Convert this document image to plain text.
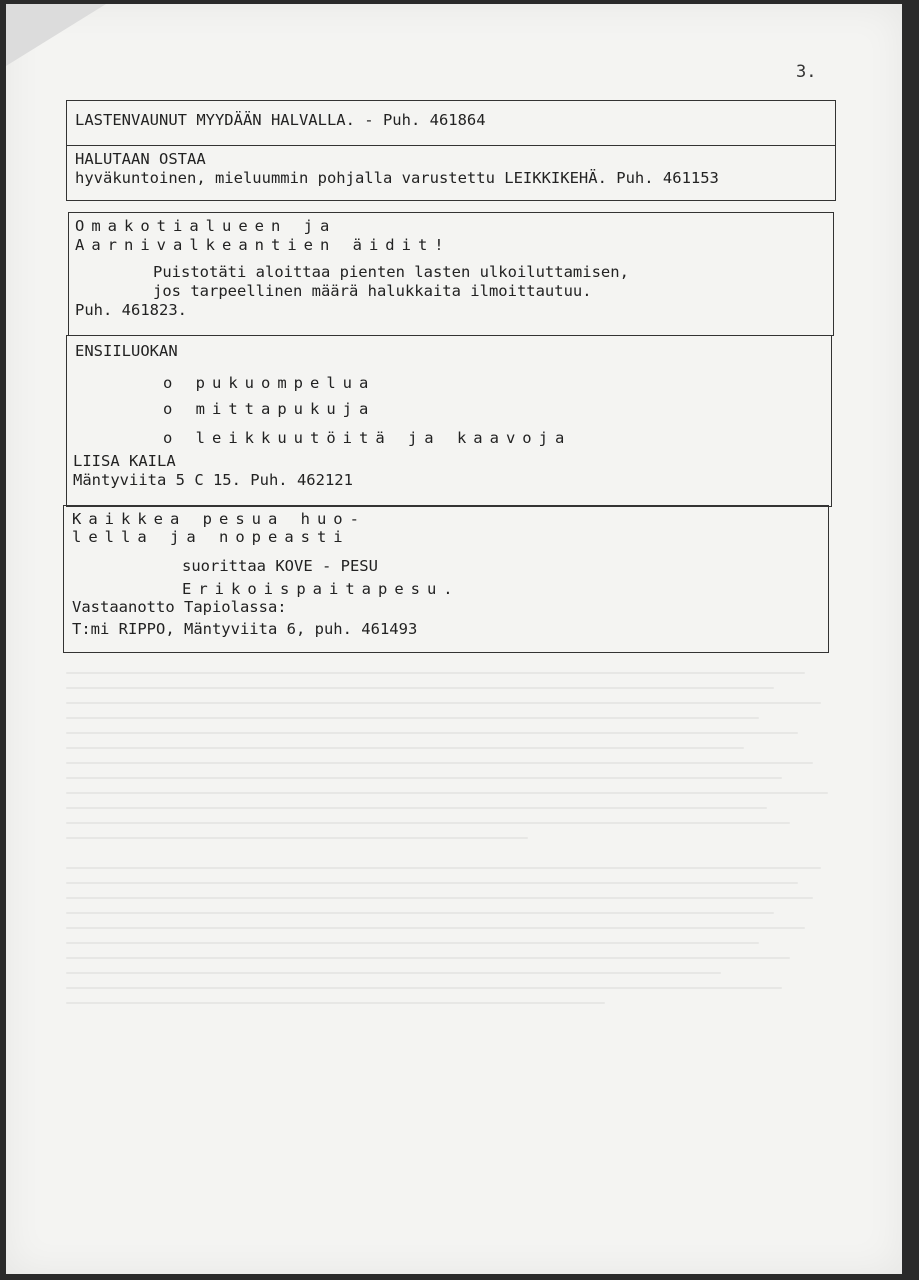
3.
LASTENVAUNUT MYYDÄÄN HALVALLA. - Puh. 461864
HALUTAAN OSTAA
hyväkuntoinen, mieluummin pohjalla varustettu LEIKKIKEHÄ. Puh. 461153
Omakotialueen ja
Aarnivalkeantien äidit!
Puistotäti aloittaa pienten lasten ulkoiluttamisen,
jos tarpeellinen määrä halukkaita ilmoittautuu.
Puh. 461823.
ENSIILUOKAN
o pukuompelua
o mittapukuja
o leikkuutöitä ja kaavoja
LIISA KAILA
Mäntyviita 5 C 15. Puh. 462121
Kaikkea pesua huo-
lella ja nopeasti
suorittaa KOVE - PESU
Erikoispaitapesu.
Vastaanotto Tapiolassa:
T:mi RIPPO, Mäntyviita 6, puh. 461493
